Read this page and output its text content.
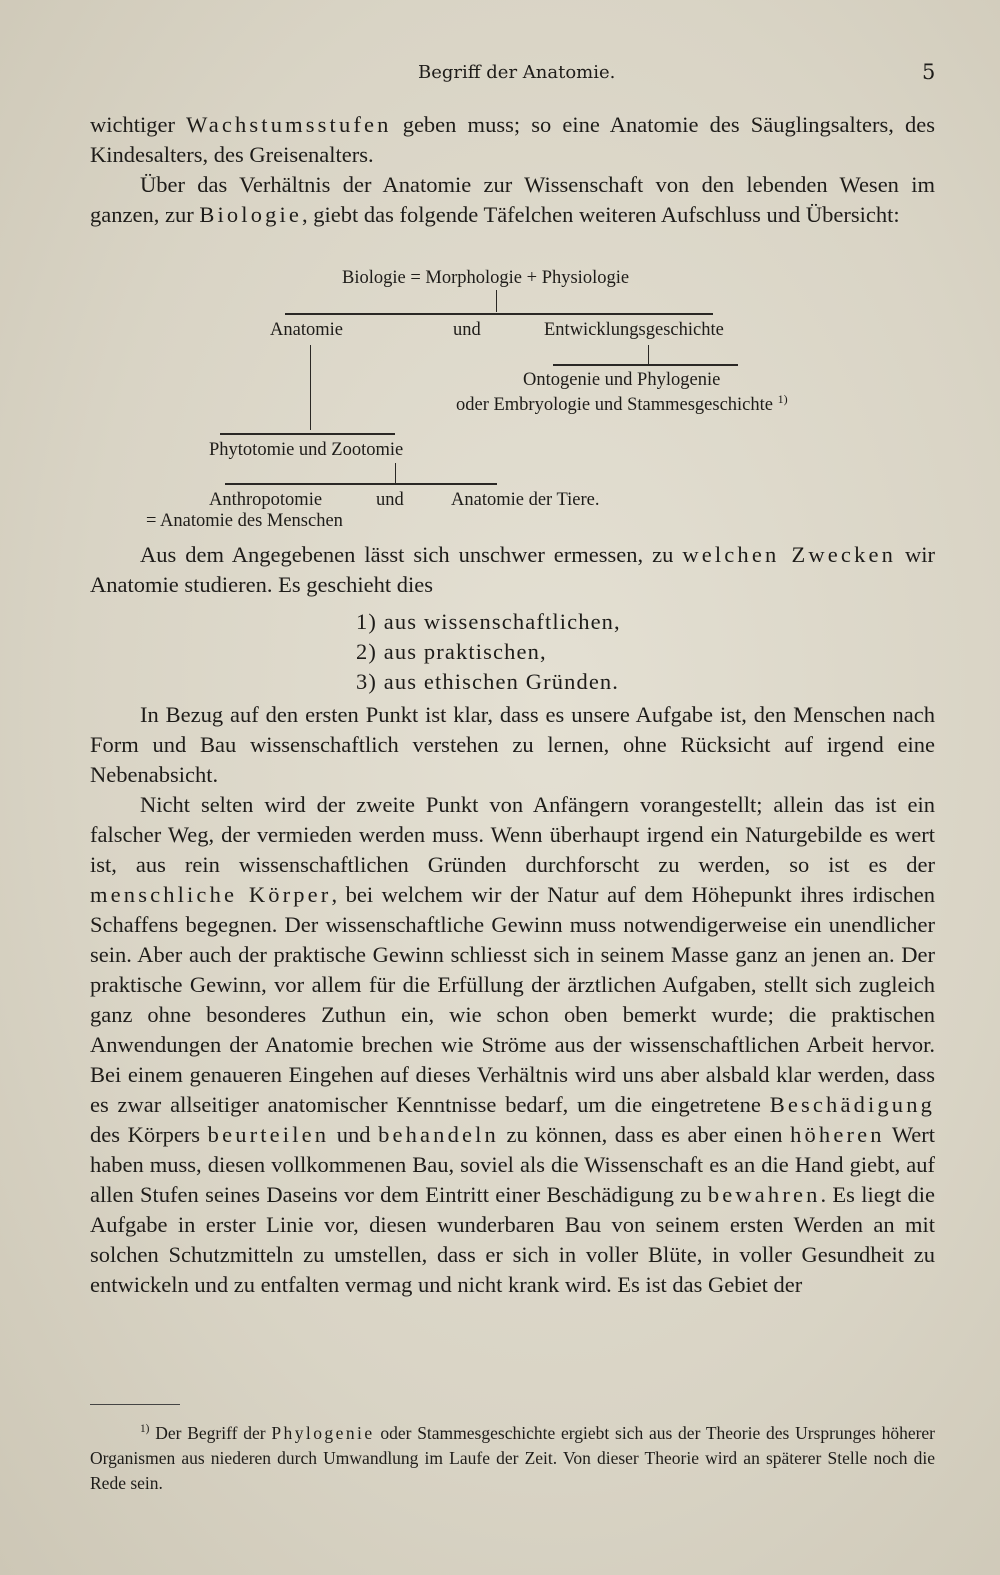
Begriff der Anatomie.	5

wichtiger Wachstumsstufen geben muss; so eine Anatomie des Säuglingsalters, des Kindesalters, des Greisenalters.

Über das Verhältnis der Anatomie zur Wissenschaft von den lebenden Wesen im ganzen, zur Biologie, giebt das folgende Täfelchen weiteren Aufschluss und Übersicht:

Biologie = Morphologie + Physiologie
Anatomie	und	Entwicklungsgeschichte
Ontogenie und Phylogenie
oder Embryologie und Stammesgeschichte $^{1)}$
Phytotomie und Zootomie
Anthropotomie	und	Anatomie der Tiere.
= Anatomie des Menschen

Aus dem Angegebenen lässt sich unschwer ermessen, zu welchen Zwecken wir Anatomie studieren. Es geschieht dies

1) aus wissenschaftlichen,
2) aus praktischen,
3) aus ethischen Gründen.

In Bezug auf den ersten Punkt ist klar, dass es unsere Aufgabe ist, den Menschen nach Form und Bau wissenschaftlich verstehen zu lernen, ohne Rücksicht auf irgend eine Nebenabsicht.

Nicht selten wird der zweite Punkt von Anfängern vorangestellt; allein das ist ein falscher Weg, der vermieden werden muss. Wenn überhaupt irgend ein Naturgebilde es wert ist, aus rein wissenschaftlichen Gründen durchforscht zu werden, so ist es der menschliche Körper, bei welchem wir der Natur auf dem Höhepunkt ihres irdischen Schaffens begegnen. Der wissenschaftliche Gewinn muss notwendigerweise ein unendlicher sein. Aber auch der praktische Gewinn schliesst sich in seinem Masse ganz an jenen an. Der praktische Gewinn, vor allem für die Erfüllung der ärztlichen Aufgaben, stellt sich zugleich ganz ohne besonderes Zuthun ein, wie schon oben bemerkt wurde; die praktischen Anwendungen der Anatomie brechen wie Ströme aus der wissenschaftlichen Arbeit hervor. Bei einem genaueren Eingehen auf dieses Verhältnis wird uns aber alsbald klar werden, dass es zwar allseitiger anatomischer Kenntnisse bedarf, um die eingetretene Beschädigung des Körpers beurteilen und behandeln zu können, dass es aber einen höheren Wert haben muss, diesen vollkommenen Bau, soviel als die Wissenschaft es an die Hand giebt, auf allen Stufen seines Daseins vor dem Eintritt einer Beschädigung zu bewahren. Es liegt die Aufgabe in erster Linie vor, diesen wunderbaren Bau von seinem ersten Werden an mit solchen Schutzmitteln zu umstellen, dass er sich in voller Blüte, in voller Gesundheit zu entwickeln und zu entfalten vermag und nicht krank wird. Es ist das Gebiet der

$^{1)}$ Der Begriff der Phylogenie oder Stammesgeschichte ergiebt sich aus der Theorie des Ursprunges höherer Organismen aus niederen durch Umwandlung im Laufe der Zeit. Von dieser Theorie wird an späterer Stelle noch die Rede sein.
